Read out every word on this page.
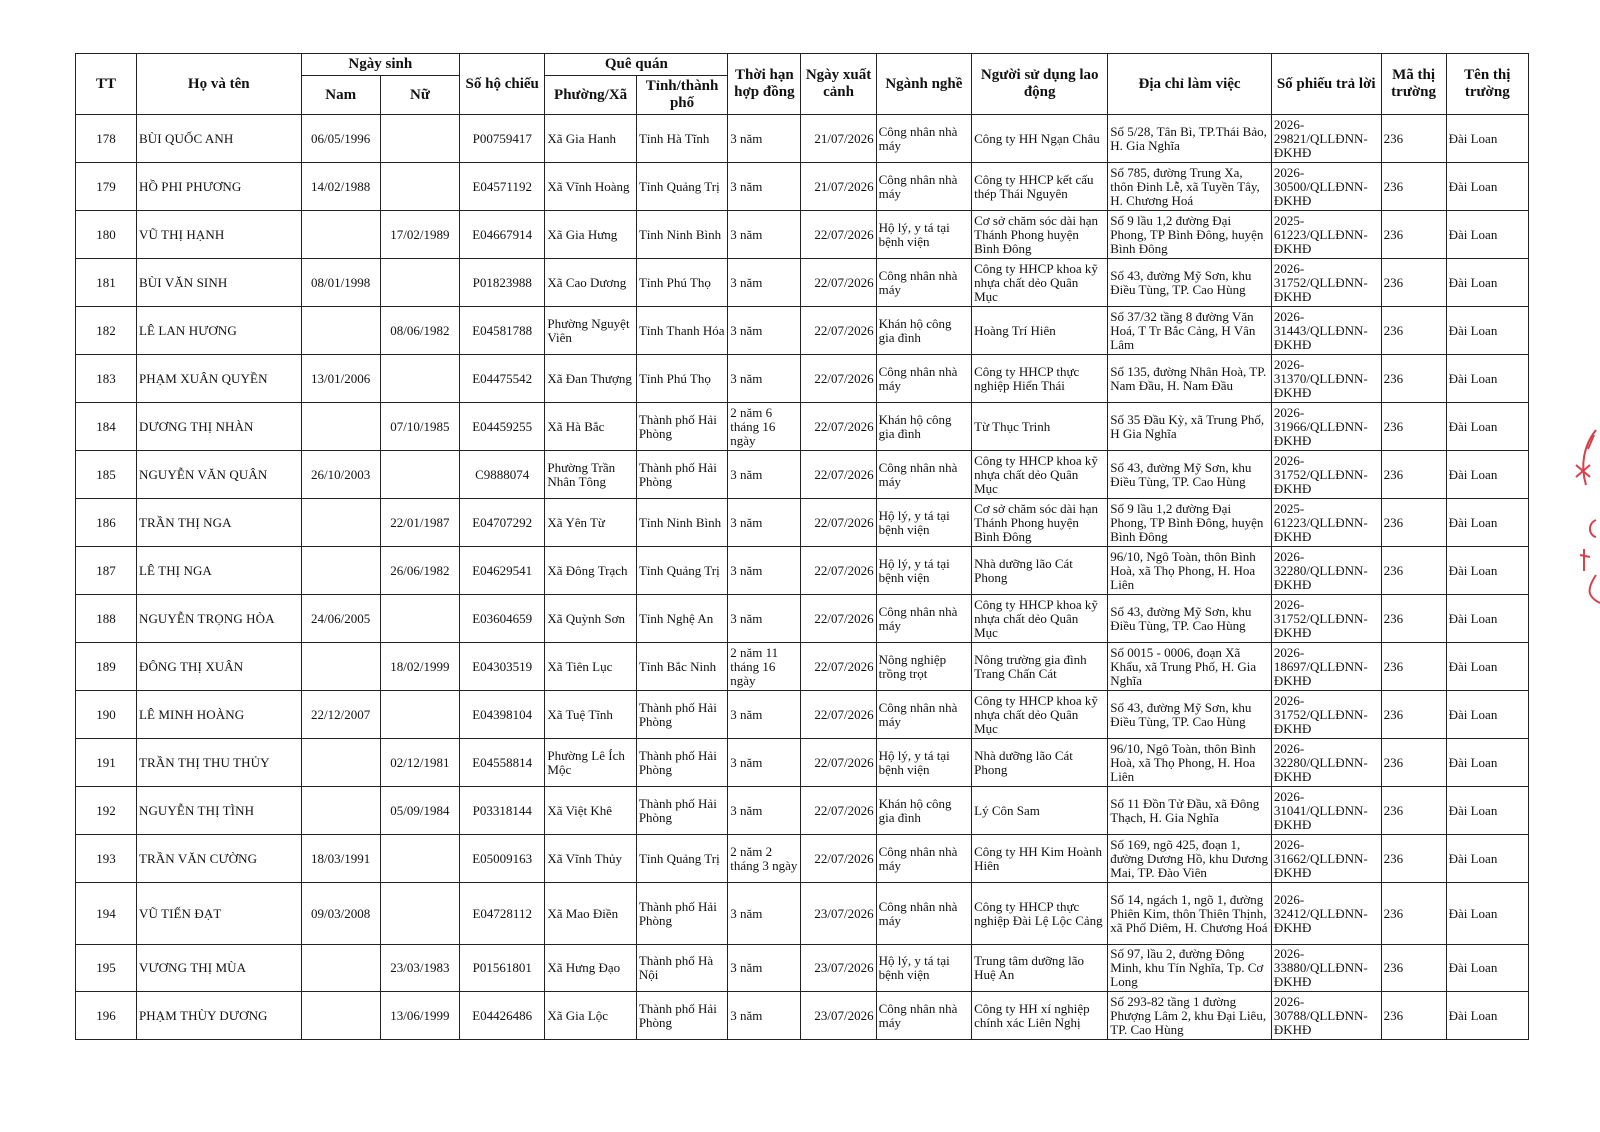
TT	Họ và tên	Ngày sinh		Số hộ chiếu	Quê quán		Thời hạn hợp đồng	Ngày xuất cảnh	Ngành nghề	Người sử dụng lao động	Địa chỉ làm việc	Số phiếu trả lời	Mã thị trường	Tên thị trường
		Nam	Nữ		Phường/Xã	Tỉnh/thành phố								
178	BÙI QUỐC ANH	06/05/1996		P00759417	Xã Gia Hanh	Tỉnh Hà Tĩnh	3 năm	21/07/2026	Công nhân nhà máy	Công ty HH Ngạn Châu	Số 5/28, Tân Bì, TP.Thái Bảo, H. Gia Nghĩa	2026-29821/QLLĐNN-ĐKHĐ	236	Đài Loan
179	HỒ PHI PHƯƠNG	14/02/1988		E04571192	Xã Vĩnh Hoàng	Tỉnh Quảng Trị	3 năm	21/07/2026	Công nhân nhà máy	Công ty HHCP kết cấu thép Thái Nguyên	Số 785, đường Trung Xa, thôn Đinh Lễ, xã Tuyền Tây, H. Chương Hoá	2026-30500/QLLĐNN-ĐKHĐ	236	Đài Loan
180	VŨ THỊ HẠNH		17/02/1989	E04667914	Xã Gia Hưng	Tỉnh Ninh Bình	3 năm	22/07/2026	Hộ lý, y tá tại bệnh viện	Cơ sở chăm sóc dài hạn Thánh Phong huyện Bình Đông	Số 9 lầu 1,2 đường Đại Phong, TP Bình Đông, huyện Bình Đông	2025-61223/QLLĐNN-ĐKHĐ	236	Đài Loan
181	BÙI VĂN SINH	08/01/1998		P01823988	Xã Cao Dương	Tỉnh Phú Thọ	3 năm	22/07/2026	Công nhân nhà máy	Công ty HHCP khoa kỹ nhựa chất dẻo Quân Mục	Số 43, đường Mỹ Sơn, khu Điều Tùng, TP. Cao Hùng	2026-31752/QLLĐNN-ĐKHĐ	236	Đài Loan
182	LÊ LAN HƯƠNG		08/06/1982	E04581788	Phường Nguyệt Viên	Tỉnh Thanh Hóa	3 năm	22/07/2026	Khán hộ công gia đình	Hoàng Trí Hiên	Số 37/32 tầng 8 đường Văn Hoá, T Tr Bắc Cảng, H Vân Lâm	2026-31443/QLLĐNN-ĐKHĐ	236	Đài Loan
183	PHẠM XUÂN QUYỀN	13/01/2006		E04475542	Xã Đan Thượng	Tỉnh Phú Thọ	3 năm	22/07/2026	Công nhân nhà máy	Công ty HHCP thực nghiệp Hiển Thái	Số 135, đường Nhân Hoà, TP. Nam Đầu, H. Nam Đầu	2026-31370/QLLĐNN-ĐKHĐ	236	Đài Loan
184	DƯƠNG THỊ NHÀN		07/10/1985	E04459255	Xã Hà Bắc	Thành phố Hải Phòng	2 năm 6 tháng 16 ngày	22/07/2026	Khán hộ công gia đình	Từ Thục Trinh	Số 35 Đầu Kỳ, xã Trung Phố, H Gia Nghĩa	2026-31966/QLLĐNN-ĐKHĐ	236	Đài Loan
185	NGUYỄN VĂN QUÂN	26/10/2003		C9888074	Phường Trần Nhân Tông	Thành phố Hải Phòng	3 năm	22/07/2026	Công nhân nhà máy	Công ty HHCP khoa kỹ nhựa chất dẻo Quân Mục	Số 43, đường Mỹ Sơn, khu Điều Tùng, TP. Cao Hùng	2026-31752/QLLĐNN-ĐKHĐ	236	Đài Loan
186	TRẦN THỊ NGA		22/01/1987	E04707292	Xã Yên Từ	Tỉnh Ninh Bình	3 năm	22/07/2026	Hộ lý, y tá tại bệnh viện	Cơ sở chăm sóc dài hạn Thánh Phong huyện Bình Đông	Số 9 lầu 1,2 đường Đại Phong, TP Bình Đông, huyện Bình Đông	2025-61223/QLLĐNN-ĐKHĐ	236	Đài Loan
187	LÊ THỊ NGA		26/06/1982	E04629541	Xã Đông Trạch	Tỉnh Quảng Trị	3 năm	22/07/2026	Hộ lý, y tá tại bệnh viện	Nhà dưỡng lão Cát Phong	96/10, Ngô Toàn, thôn Bình Hoà, xã Thọ Phong, H. Hoa Liên	2026-32280/QLLĐNN-ĐKHĐ	236	Đài Loan
188	NGUYỄN TRỌNG HÒA	24/06/2005		E03604659	Xã Quỳnh Sơn	Tỉnh Nghệ An	3 năm	22/07/2026	Công nhân nhà máy	Công ty HHCP khoa kỹ nhựa chất dẻo Quân Mục	Số 43, đường Mỹ Sơn, khu Điều Tùng, TP. Cao Hùng	2026-31752/QLLĐNN-ĐKHĐ	236	Đài Loan
189	ĐÔNG THỊ XUÂN		18/02/1999	E04303519	Xã Tiên Lục	Tỉnh Bắc Ninh	2 năm 11 tháng 16 ngày	22/07/2026	Nông nghiệp trồng trọt	Nông trường gia đình Trang Chấn Cát	Số 0015 - 0006, đoạn Xã Khẩu, xã Trung Phố, H. Gia Nghĩa	2026-18697/QLLĐNN-ĐKHĐ	236	Đài Loan
190	LÊ MINH HOÀNG	22/12/2007		E04398104	Xã Tuệ Tĩnh	Thành phố Hải Phòng	3 năm	22/07/2026	Công nhân nhà máy	Công ty HHCP khoa kỹ nhựa chất dẻo Quân Mục	Số 43, đường Mỹ Sơn, khu Điều Tùng, TP. Cao Hùng	2026-31752/QLLĐNN-ĐKHĐ	236	Đài Loan
191	TRẦN THỊ THU THỦY		02/12/1981	E04558814	Phường Lê Ích Mộc	Thành phố Hải Phòng	3 năm	22/07/2026	Hộ lý, y tá tại bệnh viện	Nhà dưỡng lão Cát Phong	96/10, Ngô Toàn, thôn Bình Hoà, xã Thọ Phong, H. Hoa Liên	2026-32280/QLLĐNN-ĐKHĐ	236	Đài Loan
192	NGUYỄN THỊ TÌNH		05/09/1984	P03318144	Xã Việt Khê	Thành phố Hải Phòng	3 năm	22/07/2026	Khán hộ công gia đình	Lý Côn Sam	Số 11 Đồn Tử Đầu, xã Đông Thạch, H. Gia Nghĩa	2026-31041/QLLĐNN-ĐKHĐ	236	Đài Loan
193	TRẦN VĂN CƯỜNG	18/03/1991		E05009163	Xã Vĩnh Thủy	Tỉnh Quảng Trị	2 năm 2 tháng 3 ngày	22/07/2026	Công nhân nhà máy	Công ty HH Kim Hoành Hiên	Số 169, ngõ 425, đoạn 1, đường Dương Hồ, khu Dương Mai, TP. Đào Viên	2026-31662/QLLĐNN-ĐKHĐ	236	Đài Loan
194	VŨ TIẾN ĐẠT	09/03/2008		E04728112	Xã Mao Điền	Thành phố Hải Phòng	3 năm	23/07/2026	Công nhân nhà máy	Công ty HHCP thực nghiệp Đài Lệ Lộc Cảng	Số 14, ngách 1, ngõ 1, đường Phiên Kim, thôn Thiên Thịnh, xã Phố Diêm, H. Chương Hoá	2026-32412/QLLĐNN-ĐKHĐ	236	Đài Loan
195	VƯƠNG THỊ MÙA		23/03/1983	P01561801	Xã Hưng Đạo	Thành phố Hà Nội	3 năm	23/07/2026	Hộ lý, y tá tại bệnh viện	Trung tâm dưỡng lão Huệ An	Số 97, lầu 2, đường Đông Minh, khu Tín Nghĩa, Tp. Cơ Long	2026-33880/QLLĐNN-ĐKHĐ	236	Đài Loan
196	PHẠM THÙY DƯƠNG		13/06/1999	E04426486	Xã Gia Lộc	Thành phố Hải Phòng	3 năm	23/07/2026	Công nhân nhà máy	Công ty HH xí nghiệp chính xác Liên Nghị	Số 293-82 tầng 1 đường Phượng Lâm 2, khu Đại Liêu, TP. Cao Hùng	2026-30788/QLLĐNN-ĐKHĐ	236	Đài Loan
